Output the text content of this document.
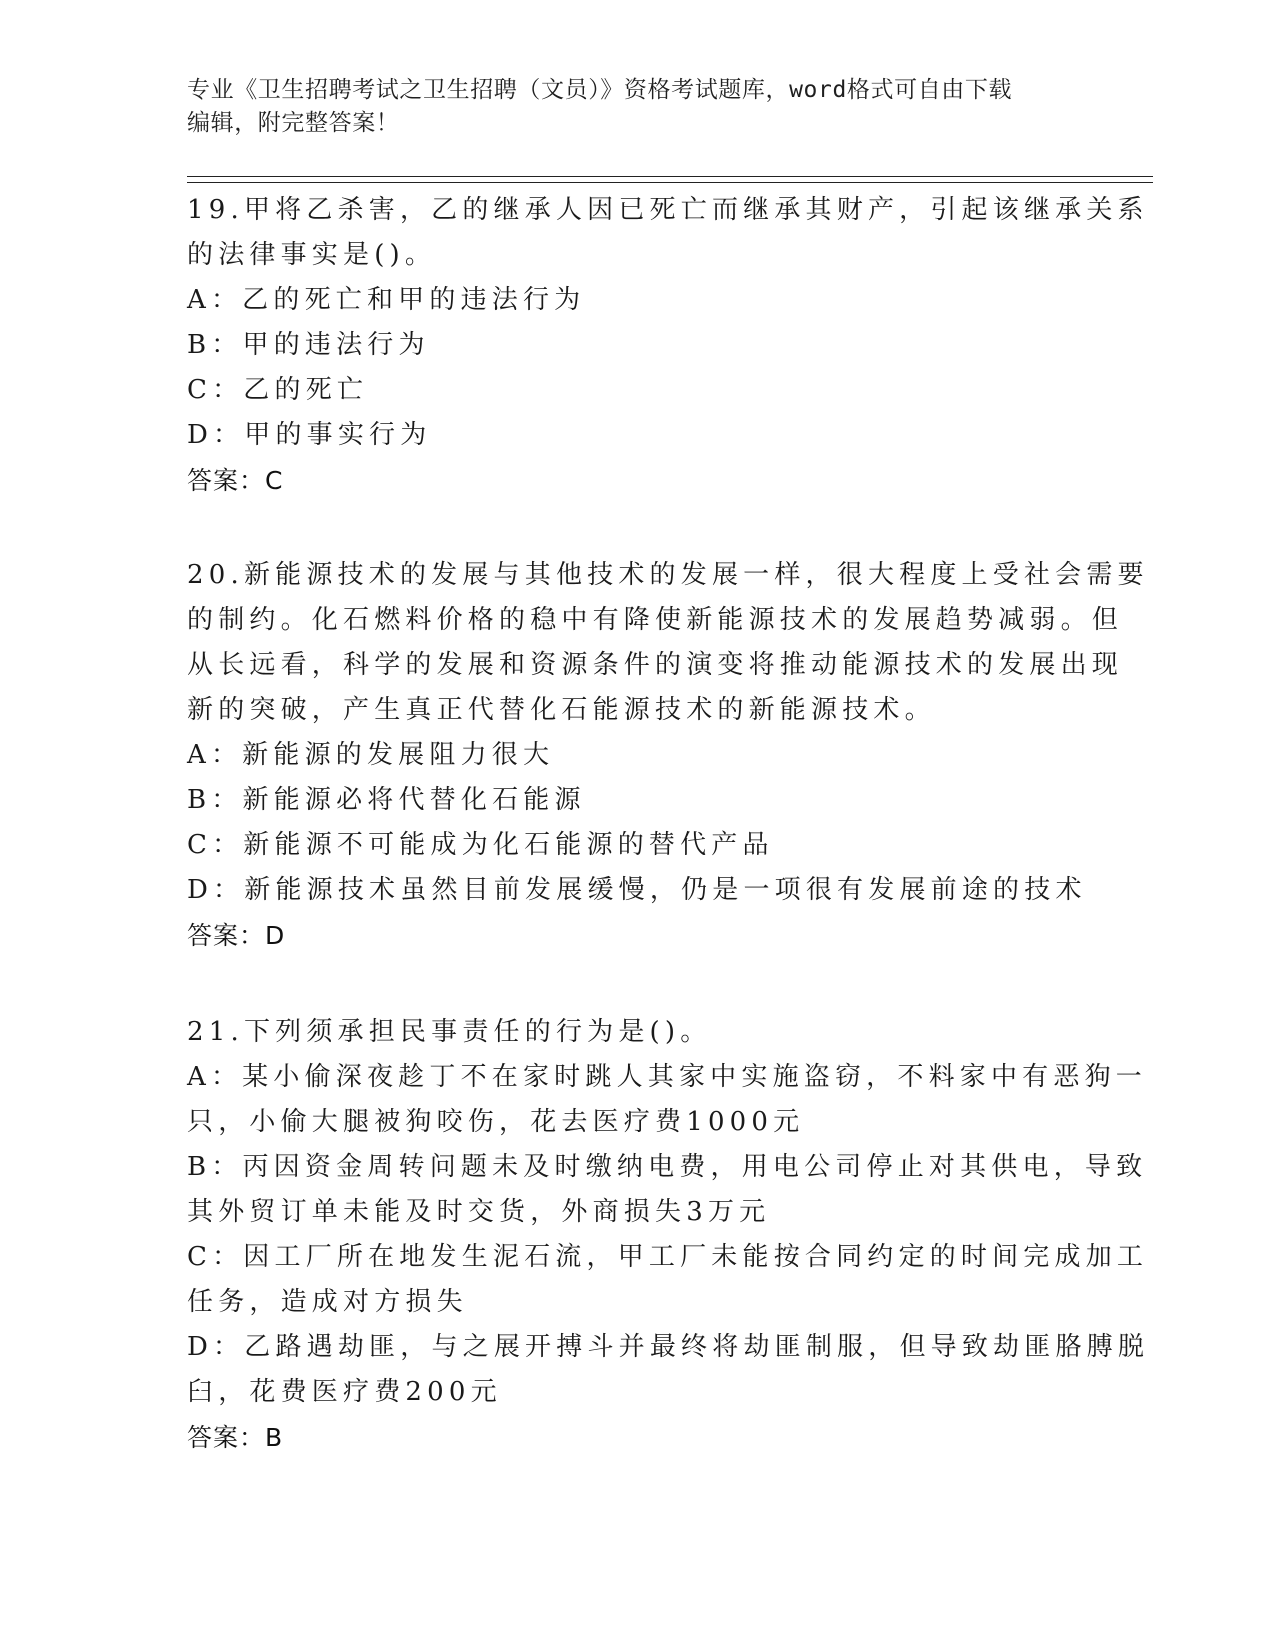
专业《卫生招聘考试之卫生招聘（文员）》资格考试题库，word格式可自由下载
编辑，附完整答案！
19.甲将乙杀害，乙的继承人因已死亡而继承其财产，引起该继承关系
的法律事实是()。
A：乙的死亡和甲的违法行为
B：甲的违法行为
C：乙的死亡
D：甲的事实行为
答案：C
20.新能源技术的发展与其他技术的发展一样，很大程度上受社会需要
的制约。化石燃料价格的稳中有降使新能源技术的发展趋势减弱。但
从长远看，科学的发展和资源条件的演变将推动能源技术的发展出现
新的突破，产生真正代替化石能源技术的新能源技术。
A：新能源的发展阻力很大
B：新能源必将代替化石能源
C：新能源不可能成为化石能源的替代产品
D：新能源技术虽然目前发展缓慢，仍是一项很有发展前途的技术
答案：D
21.下列须承担民事责任的行为是()。
A：某小偷深夜趁丁不在家时跳人其家中实施盗窃，不料家中有恶狗一
只，小偷大腿被狗咬伤，花去医疗费1000元
B：丙因资金周转问题未及时缴纳电费，用电公司停止对其供电，导致
其外贸订单未能及时交货，外商损失3万元
C：因工厂所在地发生泥石流，甲工厂未能按合同约定的时间完成加工
任务，造成对方损失
D：乙路遇劫匪，与之展开搏斗并最终将劫匪制服，但导致劫匪胳膊脱
臼，花费医疗费200元
答案：B
